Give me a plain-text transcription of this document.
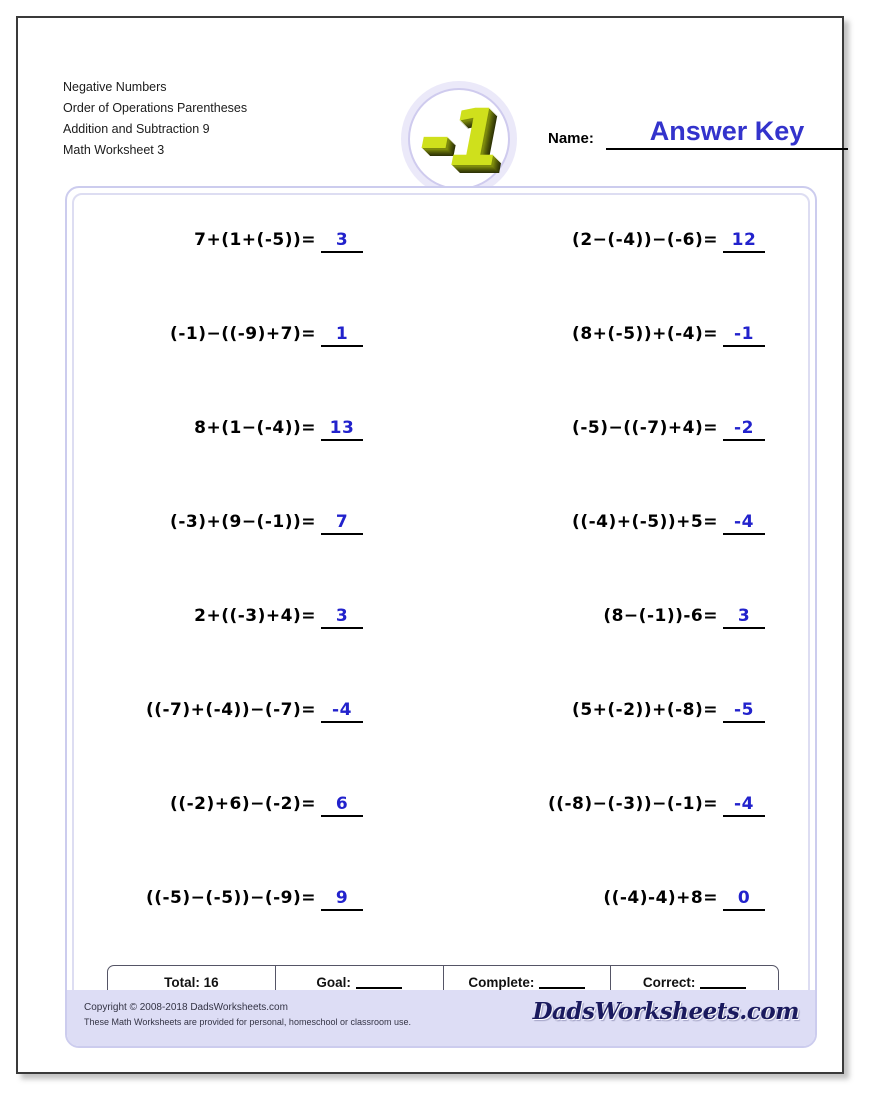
Negative Numbers
Order of Operations Parentheses
Addition and Subtraction 9
Math Worksheet 3	-1	Name:	Answer Key
7+(1+(-5))=	3	(2−(-4))−(-6)= 12
(-1)−((-9)+7)=	1	(8+(-5))+(-4)= -1
8+(1−(-4))= 13	(-5)−((-7)+4)= -2
(-3)+(9−(-1))=	7	((-4)+(-5))+5= -4
2+((-3)+4)=	3	(8−(-1))-6=	3
((-7)+(-4))−(-7)= -4	(5+(-2))+(-8)= -5
((-2)+6)−(-2)=	6	((-8)−(-3))−(-1)= -4
((-5)−(-5))−(-9)=	9	((-4)-4)+8=	0
Total: 16	Goal:	Complete:	Correct:
Copyright © 2008-2018 DadsWorksheets.com
These Math Worksheets are provided for personal, homeschool or classroom use.	DadsWorksheets.com
